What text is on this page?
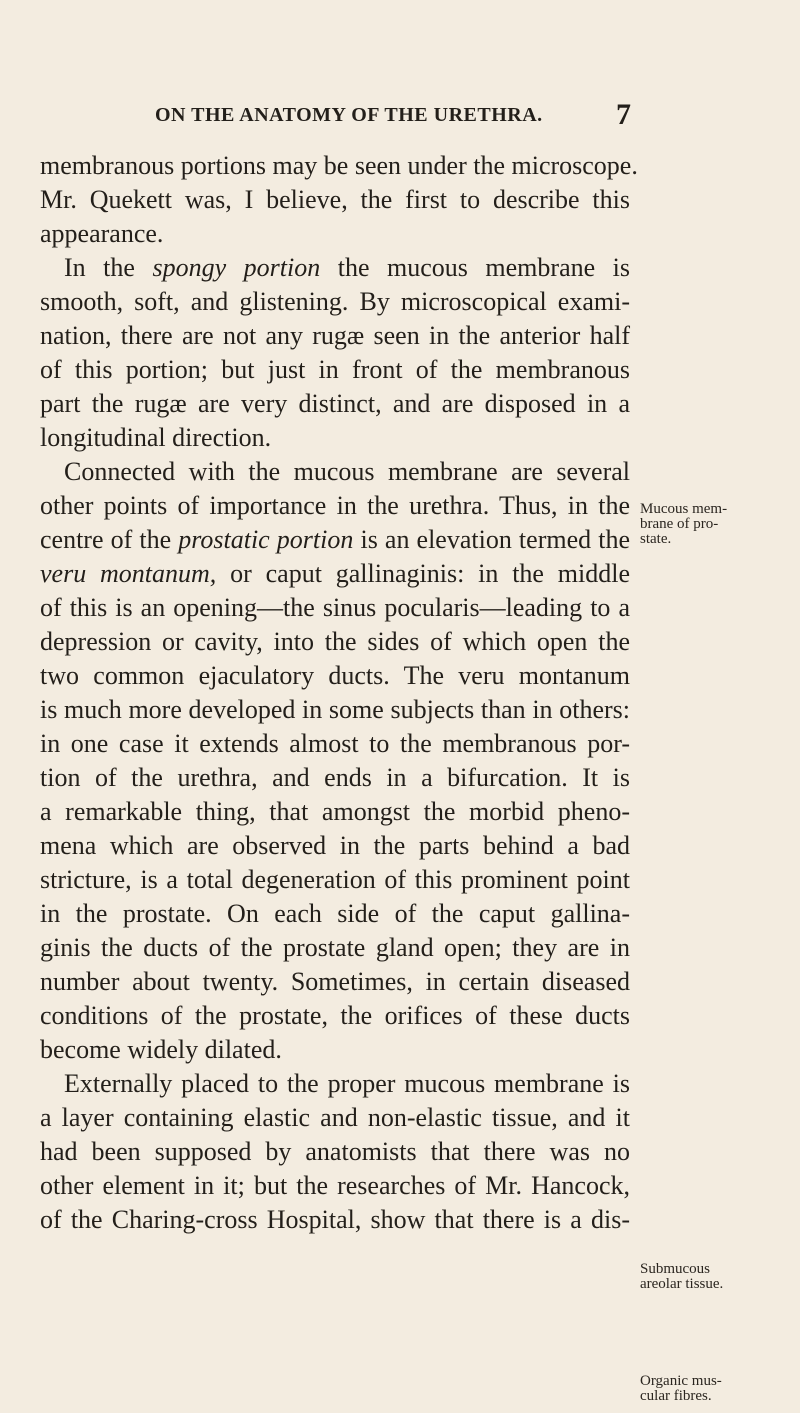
ON THE ANATOMY OF THE URETHRA. 7
membranous portions may be seen under the microscope.
Mr. Quekett was, I believe, the first to describe this
appearance.
In the spongy portion the mucous membrane is
smooth, soft, and glistening. By microscopical exami-
nation, there are not any rugæ seen in the anterior half
of this portion; but just in front of the membranous
part the rugæ are very distinct, and are disposed in a
longitudinal direction.
Connected with the mucous membrane are several
other points of importance in the urethra. Thus, in the
centre of the prostatic portion is an elevation termed the
veru montanum, or caput gallinaginis: in the middle
of this is an opening—the sinus pocularis—leading to a
depression or cavity, into the sides of which open the
two common ejaculatory ducts. The veru montanum
is much more developed in some subjects than in others:
in one case it extends almost to the membranous por-
tion of the urethra, and ends in a bifurcation. It is
a remarkable thing, that amongst the morbid pheno-
mena which are observed in the parts behind a bad
stricture, is a total degeneration of this prominent point
in the prostate. On each side of the caput gallina-
ginis the ducts of the prostate gland open; they are in
number about twenty. Sometimes, in certain diseased
conditions of the prostate, the orifices of these ducts
become widely dilated.
Externally placed to the proper mucous membrane is
a layer containing elastic and non-elastic tissue, and it
had been supposed by anatomists that there was no
other element in it; but the researches of Mr. Hancock,
of the Charing-cross Hospital, show that there is a dis-
Mucous mem-
brane of pro-
state.
Submucous
areolar tissue.
Organic mus-
cular fibres.
